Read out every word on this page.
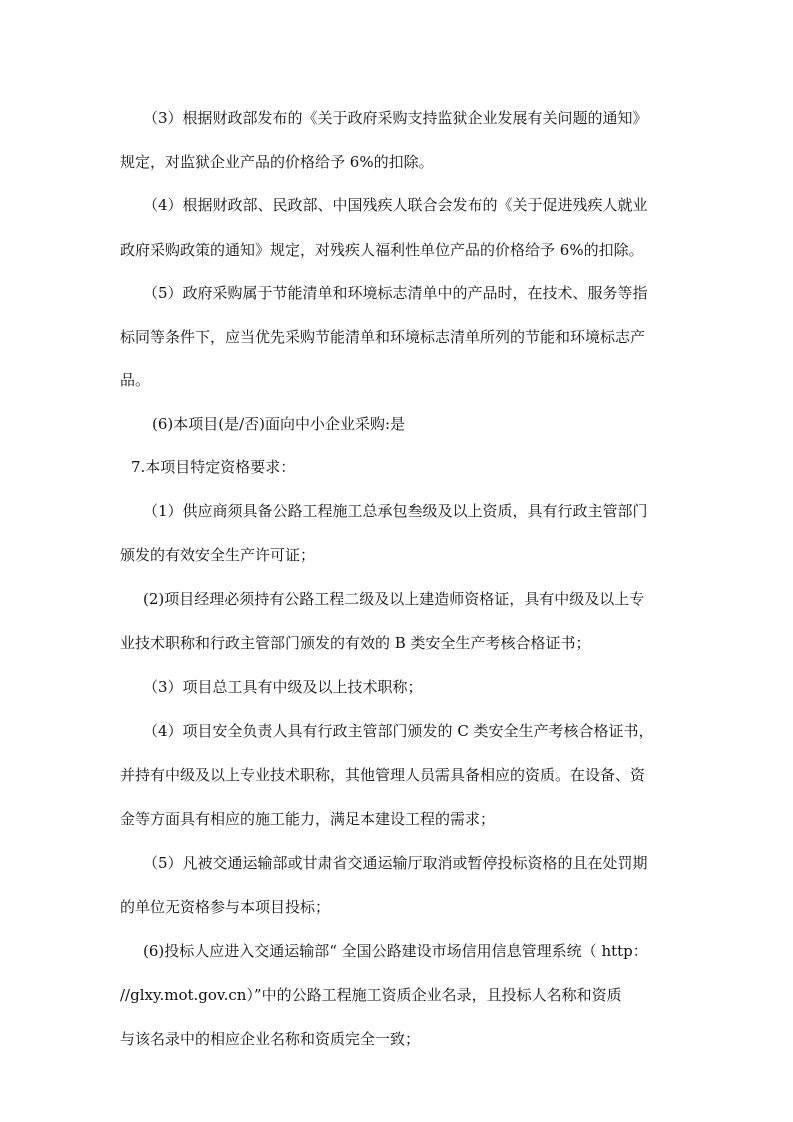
（3）根据财政部发布的《关于政府采购支持监狱企业发展有关问题的通知》
规定，对监狱企业产品的价格给予 6%的扣除。
（4）根据财政部、民政部、中国残疾人联合会发布的《关于促进残疾人就业
政府采购政策的通知》规定，对残疾人福利性单位产品的价格给予 6%的扣除。
（5）政府采购属于节能清单和环境标志清单中的产品时，在技术、服务等指
标同等条件下，应当优先采购节能清单和环境标志清单所列的节能和环境标志产
品。
(6)本项目(是/否)面向中小企业采购:是
7.本项目特定资格要求：
（1）供应商须具备公路工程施工总承包叁级及以上资质，具有行政主管部门
颁发的有效安全生产许可证；
(2)项目经理必须持有公路工程二级及以上建造师资格证，具有中级及以上专
业技术职称和行政主管部门颁发的有效的 B 类安全生产考核合格证书；
（3）项目总工具有中级及以上技术职称；
（4）项目安全负责人具有行政主管部门颁发的 C 类安全生产考核合格证书，
并持有中级及以上专业技术职称，其他管理人员需具备相应的资质。在设备、资
金等方面具有相应的施工能力，满足本建设工程的需求；
（5）凡被交通运输部或甘肃省交通运输厅取消或暂停投标资格的且在处罚期
的单位无资格参与本项目投标；
(6)投标人应进入交通运输部“ 全国公路建设市场信用信息管理系统（ http：
//glxy.mot.gov.cn）”中的公路工程施工资质企业名录，且投标人名称和资质
与该名录中的相应企业名称和资质完全一致；
